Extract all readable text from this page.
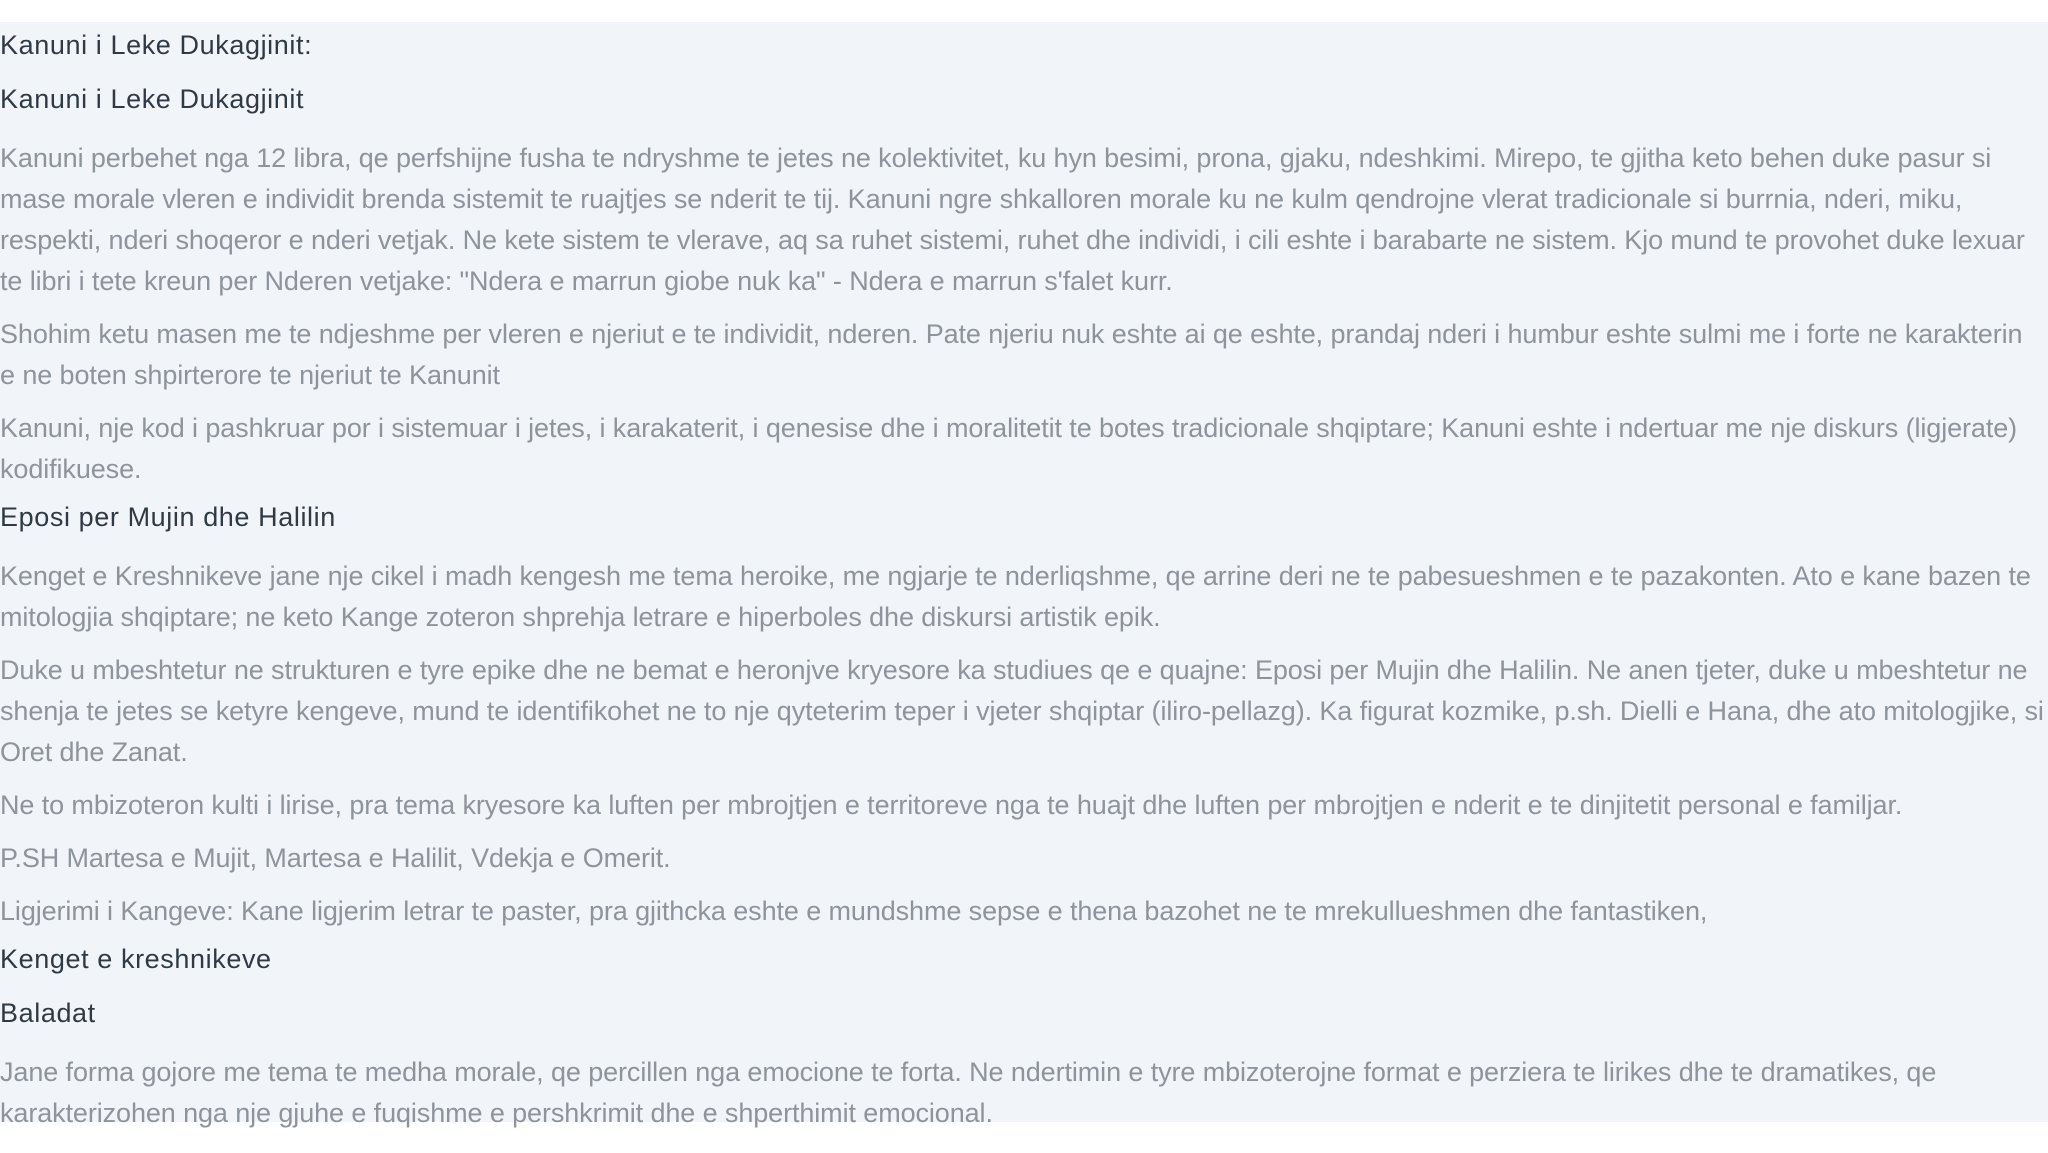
Kanuni i Leke Dukagjinit:
Kanuni i Leke Dukagjinit
Kanuni perbehet nga 12 libra, qe perfshijne fusha te ndryshme te jetes ne kolektivitet, ku hyn besimi, prona, gjaku, ndeshkimi. Mirepo, te gjitha keto behen duke pasur si mase morale vleren e individit brenda sistemit te ruajtjes se nderit te tij. Kanuni ngre shkalloren morale ku ne kulm qendrojne vlerat tradicionale si burrnia, nderi, miku, respekti, nderi shoqeror e nderi vetjak. Ne kete sistem te vlerave, aq sa ruhet sistemi, ruhet dhe individi, i cili eshte i barabarte ne sistem. Kjo mund te provohet duke lexuar te libri i tete kreun per Nderen vetjake: "Ndera e marrun giobe nuk ka" - Ndera e marrun s'falet kurr.
Shohim ketu masen me te ndjeshme per vleren e njeriut e te individit, nderen. Pate njeriu nuk eshte ai qe eshte, prandaj nderi i humbur eshte sulmi me i forte ne karakterin e ne boten shpirterore te njeriut te Kanunit
Kanuni, nje kod i pashkruar por i sistemuar i jetes, i karakaterit, i qenesise dhe i moralitetit te botes tradicionale shqiptare; Kanuni eshte i ndertuar me nje diskurs (ligjerate) kodifikuese.
Eposi per Mujin dhe Halilin
Kenget e Kreshnikeve jane nje cikel i madh kengesh me tema heroike, me ngjarje te nderliqshme, qe arrine deri ne te pabesueshmen e te pazakonten. Ato e kane bazen te mitologjia shqiptare; ne keto Kange zoteron shprehja letrare e hiperboles dhe diskursi artistik epik.
Duke u mbeshtetur ne strukturen e tyre epike dhe ne bemat e heronjve kryesore ka studiues qe e quajne: Eposi per Mujin dhe Halilin. Ne anen tjeter, duke u mbeshtetur ne shenja te jetes se ketyre kengeve, mund te identifikohet ne to nje qyteterim teper i vjeter shqiptar (iliro-pellazg). Ka figurat kozmike, p.sh. Dielli e Hana, dhe ato mitologjike, si Oret dhe Zanat.
Ne to mbizoteron kulti i lirise, pra tema kryesore ka luften per mbrojtjen e territoreve nga te huajt dhe luften per mbrojtjen e nderit e te dinjitetit personal e familjar.
P.SH Martesa e Mujit, Martesa e Halilit, Vdekja e Omerit.
Ligjerimi i Kangeve: Kane ligjerim letrar te paster, pra gjithcka eshte e mundshme sepse e thena bazohet ne te mrekullueshmen dhe fantastiken,
Kenget e kreshnikeve
Baladat
Jane forma gojore me tema te medha morale, qe percillen nga emocione te forta. Ne ndertimin e tyre mbizoterojne format e perziera te lirikes dhe te dramatikes, qe karakterizohen nga nje gjuhe e fuqishme e pershkrimit dhe e shperthimit emocional.
